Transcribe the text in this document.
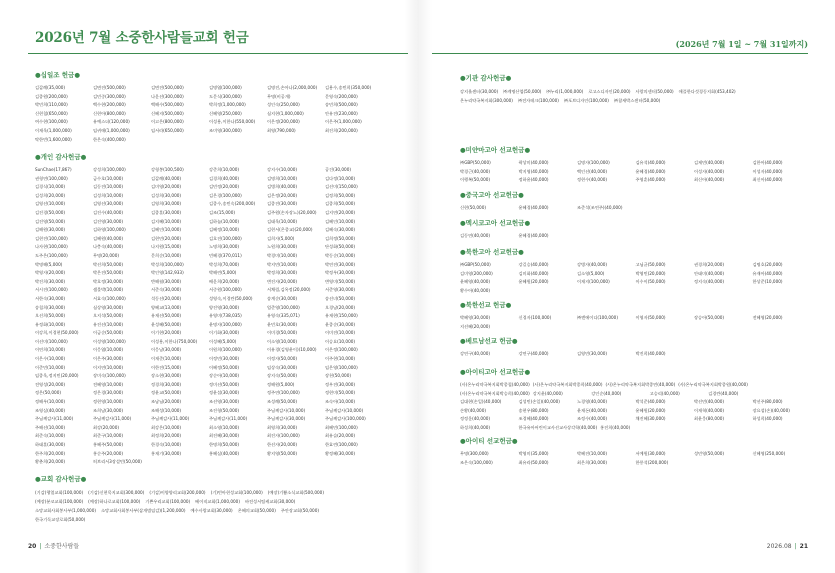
2026년 7월 소중한사람들교회 헌금
●십일조 헌금●
김갑례(35,000)	김면진(500,000)	김면진(500,000)	김명엽(100,000)	김명진,손아나(2,000,000)	김용수,송민희(350,000)
김종원(200,000)	김민중(300,000)	나운선(300,000)	도문식(300,000)	무명(비공개)	문영숙(200,000)
박민희(110,000)	백수현(200,000)	백해수(500,000)	박희정(1,000,000)	성인숙(250,000)	송민희(500,000)
신현철(650,000)	신현아(800,000)	신혜지(500,000)	신혜영(250,000)	심지현(1,000,000)	안유진(230,000)
여수현(100,000)	유예스더(120,000)	이고은(800,000)	이성용,이한나(550,000)	이은정(200,000)	이은주(1,000,000)
이재욱(1,000,000)	임귀애(1,000,000)	임서라(650,000)	조미영(300,000)	최영(790,000)	최진희(200,000)
탁한빈(1,600,000)	한은숙(400,000)
●개인 감사헌금●
SunChae(17,867)	강성희(100,000)	강형봉(100,500)	강준희(10,000)	강지수(10,000)	공건(30,000)
권형연(100,000)	금수호(10,000)	김갑례(40,000)	김경희(40,000)	김명희(10,000)	김다정(10,000)
김경식(10,000)	김동진(10,000)	김미영(20,000)	김민정(20,000)	김병희(40,000)	김선미(150,000)
김성희(20,000)	김성희(10,000)	김성희(30,000)	김은경(100,000)	김은정(20,000)	김정희(50,000)
김영선(10,000)	김영선(30,000)	김영희(30,000)	김종수,송민숙(200,000)	김종진(30,000)	김종희(50,000)
김진경(50,000)	김진수(40,000)	김종훈(30,000)	김조(15,000)	김주원(손자장노)(20,000)	김지연(20,000)
김진영(50,000)	김진영(30,000)	김지혜(10,000)	김하늘(10,000)	김태욱(10,000)	김혜인(10,000)
김해원(30,000)	김하영(100,000)	김혜인(10,000)	김혜정(10,000)	김현서(은종교)(20,000)	김혜숙(30,000)
김현진(100,000)	김혜원(40,000)	김현민(20,000)	김호진(100,000)	김희자(5,000)	김희정(50,000)
나자현(100,000)	나충숙(40,000)	나지원(15,000)	노명희(30,000)	노원희(30,000)	단성화(50,000)
도주은(100,000)	무명(20,000)	문희순(10,000)	민혜경(370,011)	박경미(10,000)	박동순(10,000)
박명해(5,000)	박선희(50,000)	박성희(100,000)	박성희(70,000)	박지민(10,000)	박연진(30,000)
박영자(20,000)	박은진(50,000)	박인영(142,933)	박해린(5,000)	박정희(30,000)	박정우(30,000)
박진희(30,000)	박호정(30,000)	반해월(30,000)	배운희(20,000)	변진자(20,000)	변영미(50,000)
서시진(100,000)	샘물박(10,000)	서준숙(30,000)	서중원(100,000)	서채림,김옥정(20,000)	서준영(30,000)
서한숙(30,000)	서효숙(100,000)	석동선(20,000)	성영숙,이경란(50,000)	송계순(30,000)	송선녀(50,000)
송철희(30,000)	심상영(30,000)	양혜교(13,000)	양진영(30,000)	엄준영(100,000)	오경남(20,000)
오선희(50,000)	오지석(50,000)	유재선(50,000)	유영미(738,035)	유영숙(335,071)	유재현(150,000)
유정화(10,000)	유진선(10,000)	윤성혜(50,000)	윤명자(100,000)	윤민호(30,000)	윤종순(30,000)
이강희,이경현(50,000)	이금순(50,000)	이기현(20,000)	이기화(30,000)	이미경(50,000)	이미진(10,000)
이선미(100,000)	이성영(100,000)	이성용,이한나(750,000)	이성혜(5,000)	이소영(10,000)	이승요(10,000)
이연희(10,000)	이응엽(10,000)	이응남(30,000)	이원희(100,000)	이유경(김영윤이)(10,000)	이은정(100,000)
이은수(10,000)	이은주(30,000)	이재준(10,000)	이정민(30,000)	이정자(50,000)	이주현(10,000)
이준민(10,000)	이지연(10,000)	이한진(15,000)	이혜정(50,000)	임상숙(30,000)	임은영(100,000)
임종욱,정지민(20,000)	장미숙(100,000)	장소현(30,000)	장순아(10,000)	장지숙(50,000)	장천(50,000)
전영성(20,000)	전혜영(10,000)	정경희(30,000)	정미선(50,000)	정해원(5,000)	정우진(30,000)
정은(50,000)	정은경(30,000)	정윤교(50,000)	정윤섭(30,000)	정주연(100,000)	정현미(50,000)
정해우(10,000)	정현영(10,000)	조남님(20,000)	조선영(30,000)	조성례(50,000)	조숙아(10,000)
조영실(40,000)	조희남(30,000)	조해성(10,000)	조진형(50,000)	주님께감사(10,000)	주님께감사(10,000)
주님께감사(11,000)	주님께감사(11,000)	주님께감사(11,000)	주님께감사(11,000)	주님께감사(30,000)	주님께감사(100,000)
주해선(10,000)	최강(20,000)	최강은(10,000)	최소영(10,000)	최영희(30,000)	최혜민(100,000)
최준숙(10,000)	최준구(10,000)	최정희(20,000)	최진혜(30,000)	최진자(100,000)	최유슬(20,000)
하태훈(30,000)	홍혜주(50,000)	한경숙(10,000)	한명희(50,000)	한선자(20,000)	한효린(100,000)
한주희(20,000)	홍순주(20,000)	홍재기(30,000)	홍혜실(40,000)	황지영(50,000)	황정혜(30,000)
황춘희(20,000)	히브리서3장설민(50,000)
●교회 감사헌금●
(기감)행열교회(100,000) (기감)신현목지교회(300,000) (기감)이양양리교회(200,000) (기)빈아현성교회(100,000) (예장)기쁨소식교회(500,000)
(예장)분코교회(100,000) (예장)하나로교회(100,000) 기쁜우리교회(100,000) 베이직교회(1,000,000) 바전성서팀케교회(30,000)
소망교회사회봉사부(1,000,000) 소망교회사회봉사부(삼개범임감)(1,200,000) 예수사랑교회(30,000) 온혜의교회(50,000) 주안장교회(50,000)
한국기독교장로회(50,000)
20 | 소중한사람들
(2026년 7월 1일 ~ 7월 31일까지)
●기관 감사헌금●
강지율센터(30,000) ㈜계명산업(50,000) ㈜누리(1,000,000) 로고스디자인(20,000) 사랑의센터(50,000) 애플한다섯경동지회(453,402)
온누리약국복지회(300,000) ㈜전자테크(100,000) ㈜포브디자인(100,000) ㈜참새박스센터(50,000)
●미얀마고아 선교헌금●
㈜GBP(50,000)	곽상미(40,000)	김명자(100,000)	김유석(40,000)	김제민(40,000)	김한아(40,000)
박경근(40,000)	박지영(40,000)	백인선(40,000)	윤혜경(40,000)	이성자(40,000)	이성자(40,000)
이행복(50,000)	정하윤(40,000)	정현수(40,000)	주영훈(40,000)	최신아(40,000)	최신아(40,000)
●중국고아 선교헌금●
신현(50,000)	윤혜경(40,000)	조준석(조연주)(40,000)
●멕시코고아 선교헌금●
김동연(40,000)	윤혜경(40,000)
●북한고아 선교헌금●
㈜GBP(50,000)	강길승(40,000)	강병자(40,000)	고님균(50,000)	권경희(20,000)	김명호(20,000)
김미영(200,000)	김미화(40,000)	김소영(5,000)	박영민(20,000)	안태미(40,000)	유재아(40,000)
윤혜영(40,000)	윤혜원(20,000)	이재지(100,000)	이수이(50,000)	정지숙(40,000)	한상준(10,000)
황수아(40,000)
●북한선교 헌금●
박혜영(30,000)	신경자(100,000)	㈜엔에이디(100,000)	이영자(50,000)	장승아(50,000)	전혜영(20,000)
지선혜(20,000)
●베트남선교 헌금●
강연구(40,000)	강연구(40,000)	김영민(30,000)	박진희(40,000)
●아이티고아 선교헌금●
(사)온누리약국복지회박종철(40,000) (사)온누리약국복지회박종희(40,000) (사)온누리약국복지회박종민(40,000) (사)온누리약국복지회박종원(40,000)
(사)온누리약국복지회박승희(40,000) 강지윤(40,000)	강인순(40,000)	고승리(40,000)	김경란(40,000)
김대현(손일)(40,000)	김성민(손일)(40,000)	노경영(40,000)	박석준(40,000)	박선민(40,000)	박선주(80,000)
손황(40,000)	송현우(80,000)	윤재돈(40,000)	윤혜원(20,000)	이재혁(40,000)	장요섭(손)(40,000)
정정운(40,000)	조경혜(40,000)	조정수(40,000)	채진혜(30,000)	최윤웅(80,000)	하성희(40,000)
하성희(40,000)	한국유아어린이교사선교사상각학(40,000) 홍진희(40,000)
●아이티 선교헌금●
무명(300,000)	박영미(35,000)	박혜진(10,000)	서예원(30,000)	성민영(50,000)	신혜영(250,000)
조은숙(100,000)	최유라(50,000)	최은희(30,000)	한풍석(200,000)
2026.08 | 21
